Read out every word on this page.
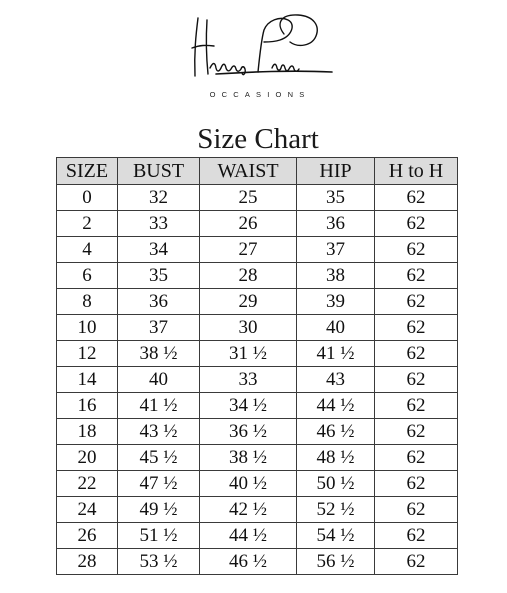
OCCASIONS
Size Chart
SIZE	BUST	WAIST	HIP	H to H
0	32	25	35	62
2	33	26	36	62
4	34	27	37	62
6	35	28	38	62
8	36	29	39	62
10	37	30	40	62
12	38 ½	31 ½	41 ½	62
14	40	33	43	62
16	41 ½	34 ½	44 ½	62
18	43 ½	36 ½	46 ½	62
20	45 ½	38 ½	48 ½	62
22	47 ½	40 ½	50 ½	62
24	49 ½	42 ½	52 ½	62
26	51 ½	44 ½	54 ½	62
28	53 ½	46 ½	56 ½	62
